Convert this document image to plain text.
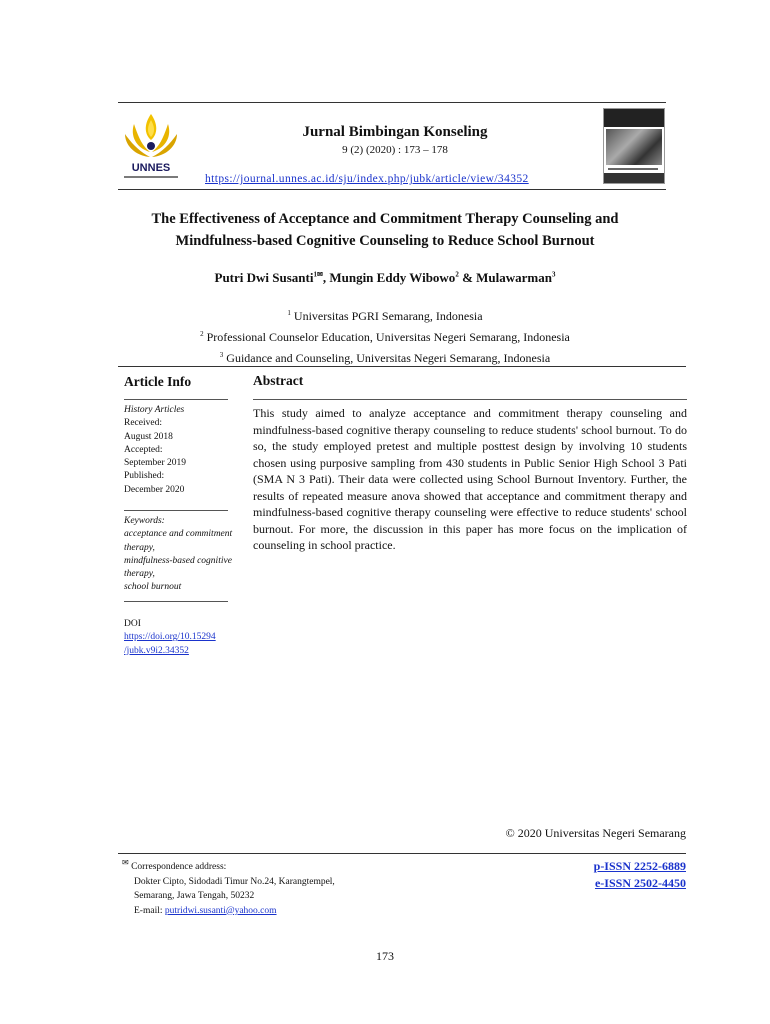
UNNES
Jurnal Bimbingan Konseling
9 (2) (2020) : 173 – 178
https://journal.unnes.ac.id/sju/index.php/jubk/article/view/34352
The Effectiveness of Acceptance and Commitment Therapy Counseling and
Mindfulness-based Cognitive Counseling to Reduce School Burnout
Putri Dwi Susanti$^{1✉}$, Mungin Eddy Wibowo$^2$ & Mulawarman$^3$
$^1$ Universitas PGRI Semarang, Indonesia
$^2$ Professional Counselor Education, Universitas Negeri Semarang, Indonesia
$^3$ Guidance and Counseling, Universitas Negeri Semarang, Indonesia
Article Info
History Articles
Received:
August 2018
Accepted:
September 2019
Published:
December 2020
Keywords:
acceptance and commitment
therapy,
mindfulness-based cognitive
therapy,
school burnout
DOI
https://doi.org/10.15294
/jubk.v9i2.34352
Abstract
This study aimed to analyze acceptance and commitment therapy counseling and mindfulness-based cognitive therapy counseling to reduce students' school burnout. To do so, the study employed pretest and multiple posttest design by involving 10 students chosen using purposive sampling from 430 students in Public Senior High School 3 Pati (SMA N 3 Pati). Their data were collected using School Burnout Inventory. Further, the results of repeated measure anova showed that acceptance and commitment therapy and mindfulness-based cognitive therapy counseling were effective to reduce students' school burnout. For more, the discussion in this paper has more focus on the implication of counseling in school practice.
© 2020 Universitas Negeri Semarang
✉ Correspondence address:
Dokter Cipto, Sidodadi Timur No.24, Karangtempel,
Semarang, Jawa Tengah, 50232
E-mail: putridwi.susanti@yahoo.com
p-ISSN 2252-6889
e-ISSN 2502-4450
173
